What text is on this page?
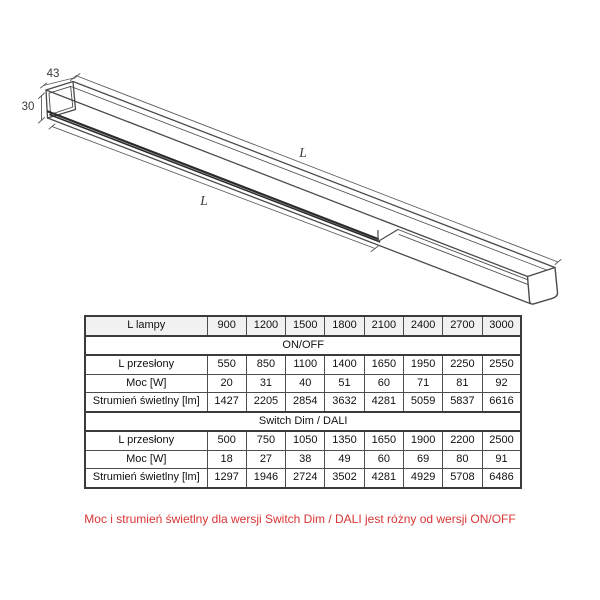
43
30
L
L
L lampy	900	1200	1500	1800	2100	2400	2700	3000
ON/OFF								
L przesłony	550	850	1100	1400	1650	1950	2250	2550
Moc [W]	20	31	40	51	60	71	81	92
Strumień świetlny [lm]	1427	2205	2854	3632	4281	5059	5837	6616
Switch Dim / DALI								
L przesłony	500	750	1050	1350	1650	1900	2200	2500
Moc [W]	18	27	38	49	60	69	80	91
Strumień świetlny [lm]	1297	1946	2724	3502	4281	4929	5708	6486
Moc i strumień świetlny dla wersji Switch Dim / DALI jest różny od wersji ON/OFF
